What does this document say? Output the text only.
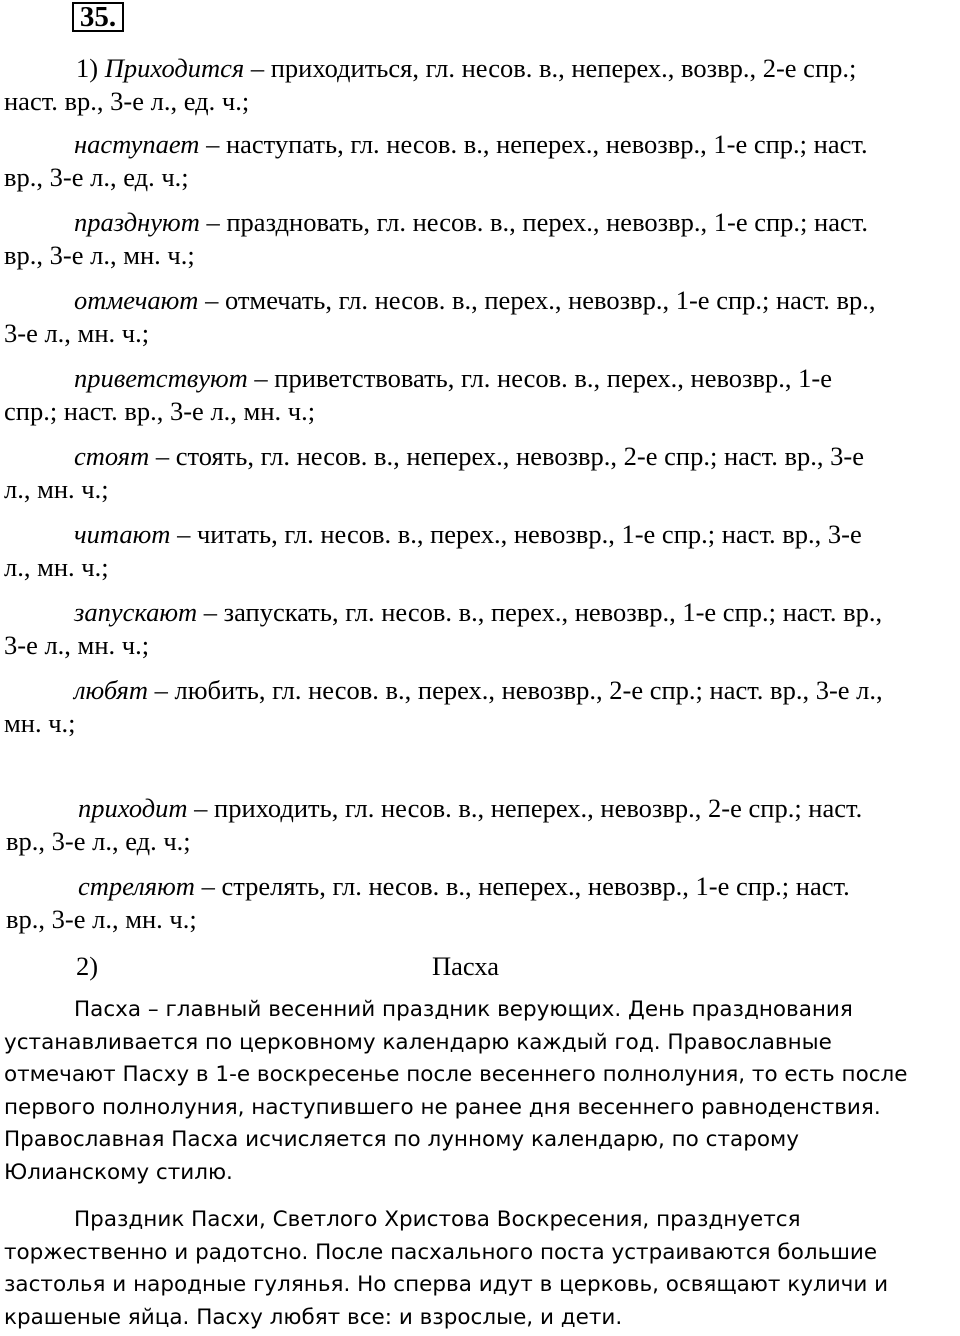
35.
1) Приходится – приходиться, гл. несов. в., неперех., возвр., 2-е спр.;
наст. вр., 3-е л., ед. ч.;
наступает – наступать, гл. несов. в., неперех., невозвр., 1-е спр.; наст.
вр., 3-е л., ед. ч.;
празднуют – праздновать, гл. несов. в., перех., невозвр., 1-е спр.; наст.
вр., 3-е л., мн. ч.;
отмечают – отмечать, гл. несов. в., перех., невозвр., 1-е спр.; наст. вр.,
3-е л., мн. ч.;
приветствуют – приветствовать, гл. несов. в., перех., невозвр., 1-е
спр.; наст. вр., 3-е л., мн. ч.;
стоят – стоять, гл. несов. в., неперех., невозвр., 2-е спр.; наст. вр., 3-е
л., мн. ч.;
читают – читать, гл. несов. в., перех., невозвр., 1-е спр.; наст. вр., 3-е
л., мн. ч.;
запускают – запускать, гл. несов. в., перех., невозвр., 1-е спр.; наст. вр.,
3-е л., мн. ч.;
любят – любить, гл. несов. в., перех., невозвр., 2-е спр.; наст. вр., 3-е л.,
мн. ч.;
приходит – приходить, гл. несов. в., неперех., невозвр., 2-е спр.; наст.
вр., 3-е л., ед. ч.;
стреляют – стрелять, гл. несов. в., неперех., невозвр., 1-е спр.; наст.
вр., 3-е л., мн. ч.;
2)	Пасха
Пасха – главный весенний праздник верующих. День празднования
устанавливается по церковному календарю каждый год. Православные
отмечают Пасху в 1-е воскресенье после весеннего полнолуния, то есть после
первого полнолуния, наступившего не ранее дня весеннего равноденствия.
Православная Пасха исчисляется по лунному календарю, по старому
Юлианскому стилю.
Праздник Пасхи, Светлого Христова Воскресения, празднуется
торжественно и радотсно. После пасхального поста устраиваются большие
застолья и народные гулянья. Но сперва идут в церковь, освящают куличи и
крашеные яйца. Пасху любят все: и взрослые, и дети.
